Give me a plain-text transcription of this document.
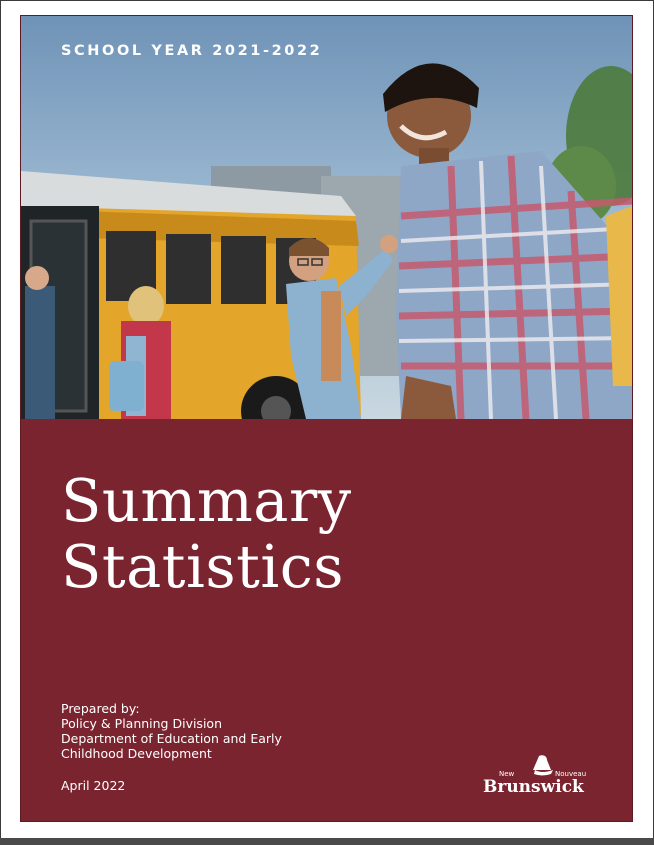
SCHOOL YEAR 2021-2022
Summary
Statistics
Prepared by:
Policy & Planning Division
Department of Education and Early
Childhood Development
April 2022
New	Nouveau
Brunswick
